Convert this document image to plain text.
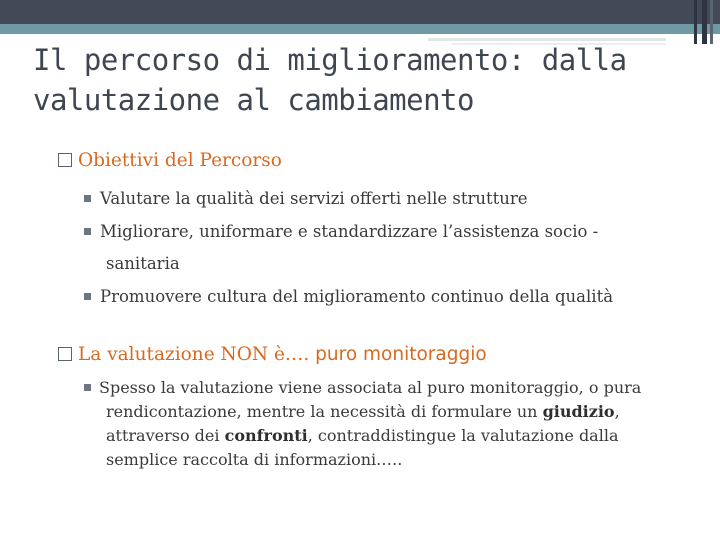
Il percorso di miglioramento: dalla valutazione al cambiamento
Obiettivi del Percorso
Valutare la qualità dei servizi offerti nelle strutture
Migliorare, uniformare e standardizzare l’assistenza socio -
sanitaria
Promuovere cultura del miglioramento continuo della qualità
La valutazione NON è…. puro monitoraggio
Spesso la valutazione viene associata al puro monitoraggio, o pura rendicontazione, mentre la necessità di formulare un giudizio, attraverso dei confronti, contraddistingue la valutazione dalla semplice raccolta di informazioni.….
